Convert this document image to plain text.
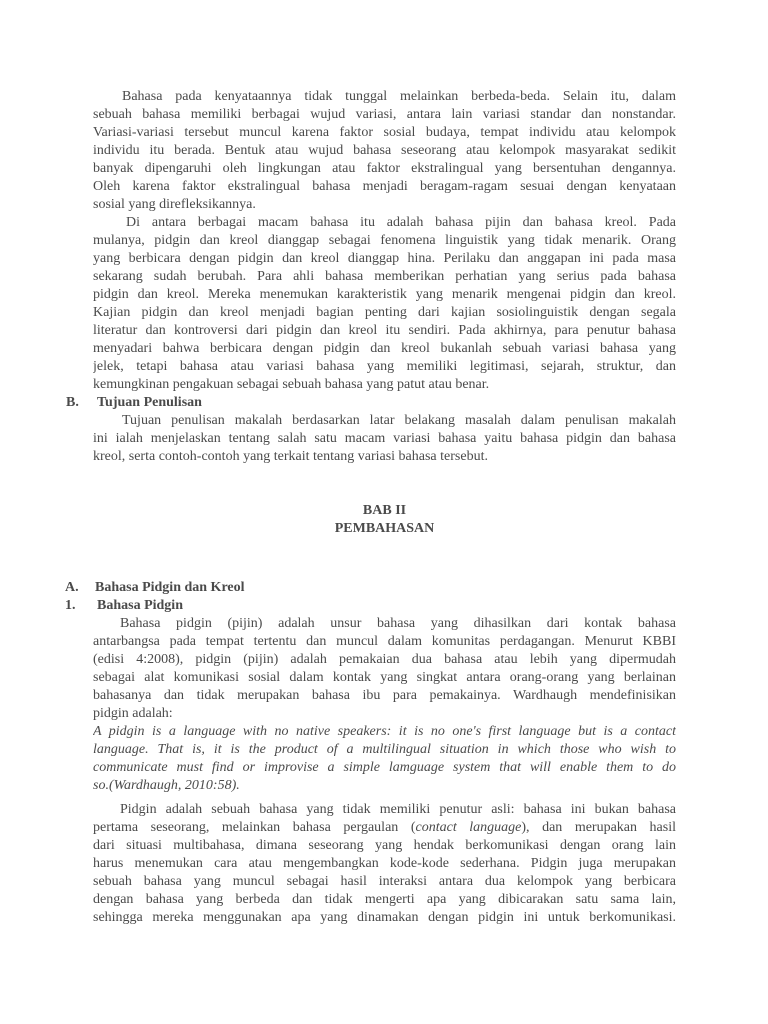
Bahasa pada kenyataannya tidak tunggal melainkan berbeda-beda. Selain itu, dalam
sebuah bahasa memiliki berbagai wujud variasi, antara lain variasi standar dan nonstandar.
Variasi-variasi tersebut muncul karena faktor sosial budaya, tempat individu atau kelompok
individu itu berada. Bentuk atau wujud bahasa seseorang atau kelompok masyarakat sedikit
banyak dipengaruhi oleh lingkungan atau faktor ekstralingual yang bersentuhan dengannya.
Oleh karena faktor ekstralingual bahasa menjadi beragam-ragam sesuai dengan kenyataan
sosial yang direfleksikannya.
Di antara berbagai macam bahasa itu adalah bahasa pijin dan bahasa kreol. Pada
mulanya, pidgin dan kreol dianggap sebagai fenomena linguistik yang tidak menarik. Orang
yang berbicara dengan pidgin dan kreol dianggap hina. Perilaku dan anggapan ini pada masa
sekarang sudah berubah. Para ahli bahasa memberikan perhatian yang serius pada bahasa
pidgin dan kreol. Mereka menemukan karakteristik yang menarik mengenai pidgin dan kreol.
Kajian pidgin dan kreol menjadi bagian penting dari kajian sosiolinguistik dengan segala
literatur dan kontroversi dari pidgin dan kreol itu sendiri. Pada akhirnya, para penutur bahasa
menyadari bahwa berbicara dengan pidgin dan kreol bukanlah sebuah variasi bahasa yang
jelek, tetapi bahasa atau variasi bahasa yang memiliki legitimasi, sejarah, struktur, dan
kemungkinan pengakuan sebagai sebuah bahasa yang patut atau benar.
B. Tujuan Penulisan
Tujuan penulisan makalah berdasarkan latar belakang masalah dalam penulisan makalah
ini ialah menjelaskan tentang salah satu macam variasi bahasa yaitu bahasa pidgin dan bahasa
kreol, serta contoh-contoh yang terkait tentang variasi bahasa tersebut.
BAB II
PEMBAHASAN
A. Bahasa Pidgin dan Kreol
1. Bahasa Pidgin
Bahasa pidgin (pijin) adalah unsur bahasa yang dihasilkan dari kontak bahasa
antarbangsa pada tempat tertentu dan muncul dalam komunitas perdagangan. Menurut KBBI
(edisi 4:2008), pidgin (pijin) adalah pemakaian dua bahasa atau lebih yang dipermudah
sebagai alat komunikasi sosial dalam kontak yang singkat antara orang-orang yang berlainan
bahasanya dan tidak merupakan bahasa ibu para pemakainya. Wardhaugh mendefinisikan
pidgin adalah:
A pidgin is a language with no native speakers: it is no one's first language but is a contact
language. That is, it is the product of a multilingual situation in which those who wish to
communicate must find or improvise a simple lamguage system that will enable them to do
so.(Wardhaugh, 2010:58).
Pidgin adalah sebuah bahasa yang tidak memiliki penutur asli: bahasa ini bukan bahasa
pertama seseorang, melainkan bahasa pergaulan (contact language), dan merupakan hasil
dari situasi multibahasa, dimana seseorang yang hendak berkomunikasi dengan orang lain
harus menemukan cara atau mengembangkan kode-kode sederhana. Pidgin juga merupakan
sebuah bahasa yang muncul sebagai hasil interaksi antara dua kelompok yang berbicara
dengan bahasa yang berbeda dan tidak mengerti apa yang dibicarakan satu sama lain,
sehingga mereka menggunakan apa yang dinamakan dengan pidgin ini untuk berkomunikasi.
